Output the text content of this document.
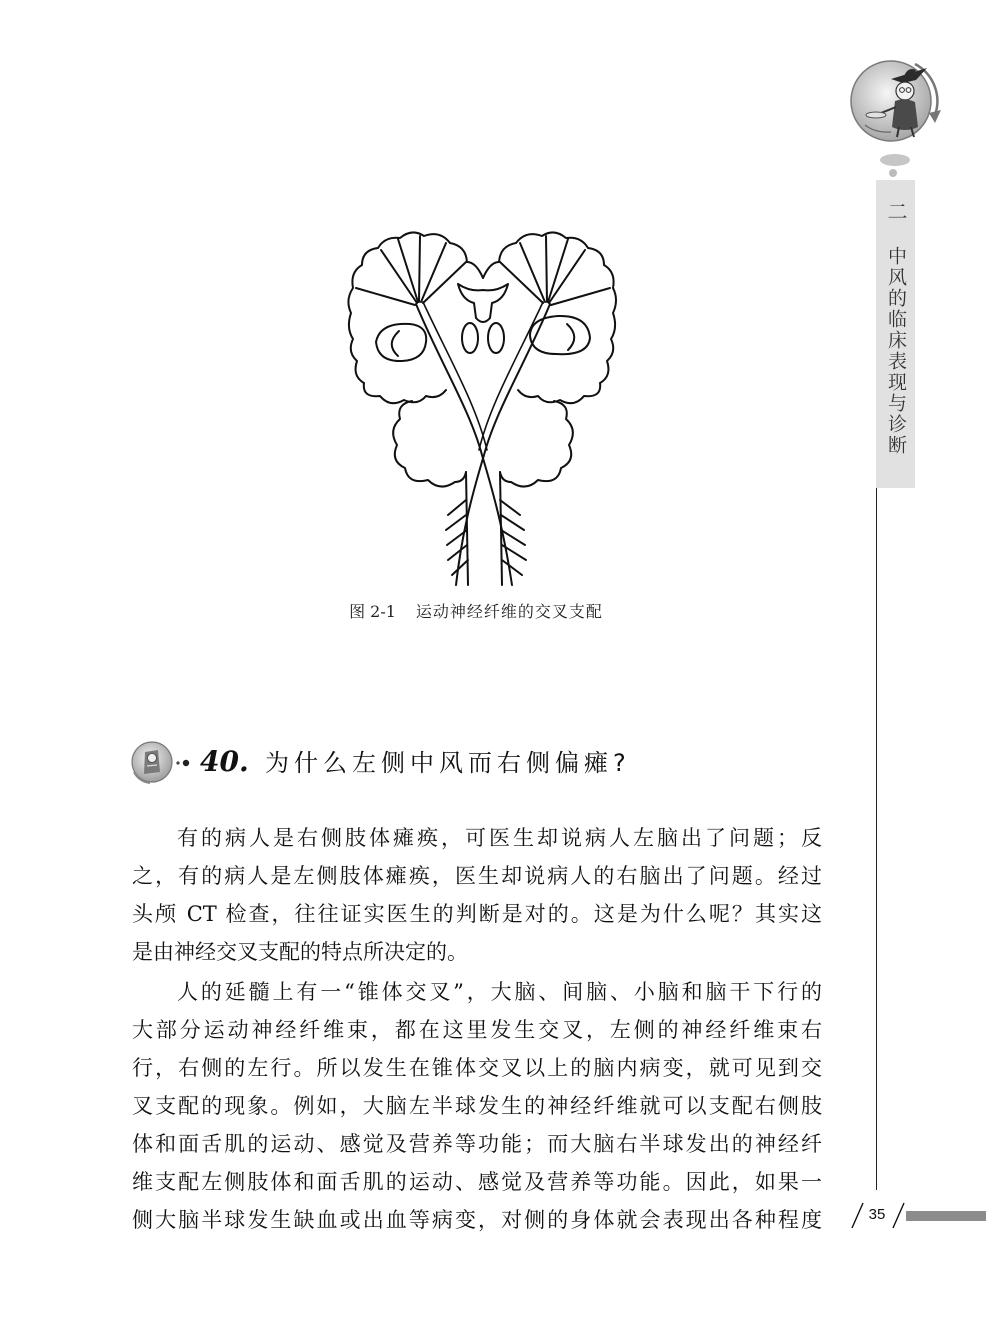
二
中风的临床表现与诊断
图 2-1 运动神经纤维的交叉支配
40. 为什么左侧中风而右侧偏瘫?
有的病人是右侧肢体瘫痪，可医生却说病人左脑出了问题；反
之，有的病人是左侧肢体瘫痪，医生却说病人的右脑出了问题。经过
头颅 CT 检查，往往证实医生的判断是对的。这是为什么呢？其实这
是由神经交叉支配的特点所决定的。
人的延髓上有一“锥体交叉”，大脑、间脑、小脑和脑干下行的
大部分运动神经纤维束，都在这里发生交叉，左侧的神经纤维束右
行，右侧的左行。所以发生在锥体交叉以上的脑内病变，就可见到交
叉支配的现象。例如，大脑左半球发生的神经纤维就可以支配右侧肢
体和面舌肌的运动、感觉及营养等功能；而大脑右半球发出的神经纤
维支配左侧肢体和面舌肌的运动、感觉及营养等功能。因此，如果一
侧大脑半球发生缺血或出血等病变，对侧的身体就会表现出各种程度	35
